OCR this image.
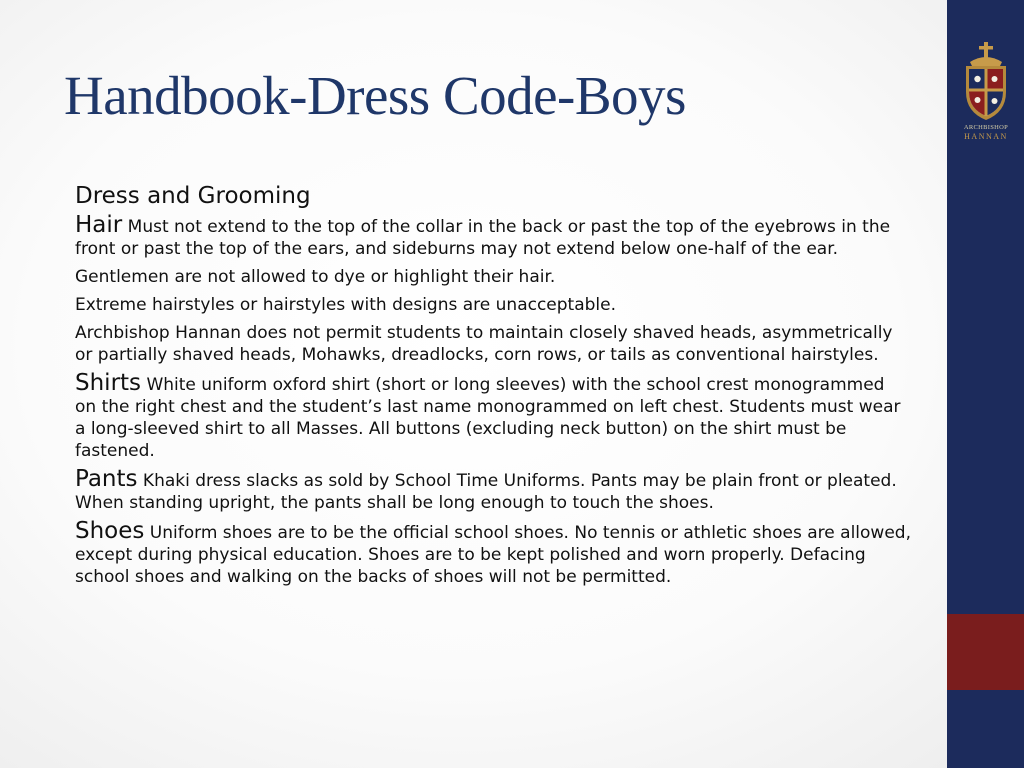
Handbook-Dress Code-Boys

Dress and Grooming

Hair Must not extend to the top of the collar in the back or past the top of the eyebrows in the front or past the top of the ears, and sideburns may not extend below one-half of the ear.

Gentlemen are not allowed to dye or highlight their hair.

Extreme hairstyles or hairstyles with designs are unacceptable.

Archbishop Hannan does not permit students to maintain closely shaved heads, asymmetrically or partially shaved heads, Mohawks, dreadlocks, corn rows, or tails as conventional hairstyles.

Shirts White uniform oxford shirt (short or long sleeves) with the school crest monogrammed on the right chest and the student’s last name monogrammed on left chest. Students must wear a long-sleeved shirt to all Masses. All buttons (excluding neck button) on the shirt must be fastened.

Pants Khaki dress slacks as sold by School Time Uniforms. Pants may be plain front or pleated. When standing upright, the pants shall be long enough to touch the shoes.

Shoes Uniform shoes are to be the official school shoes. No tennis or athletic shoes are allowed, except during physical education. Shoes are to be kept polished and worn properly. Defacing school shoes and walking on the backs of shoes will not be permitted.

ARCHBISHOP
HANNAN
